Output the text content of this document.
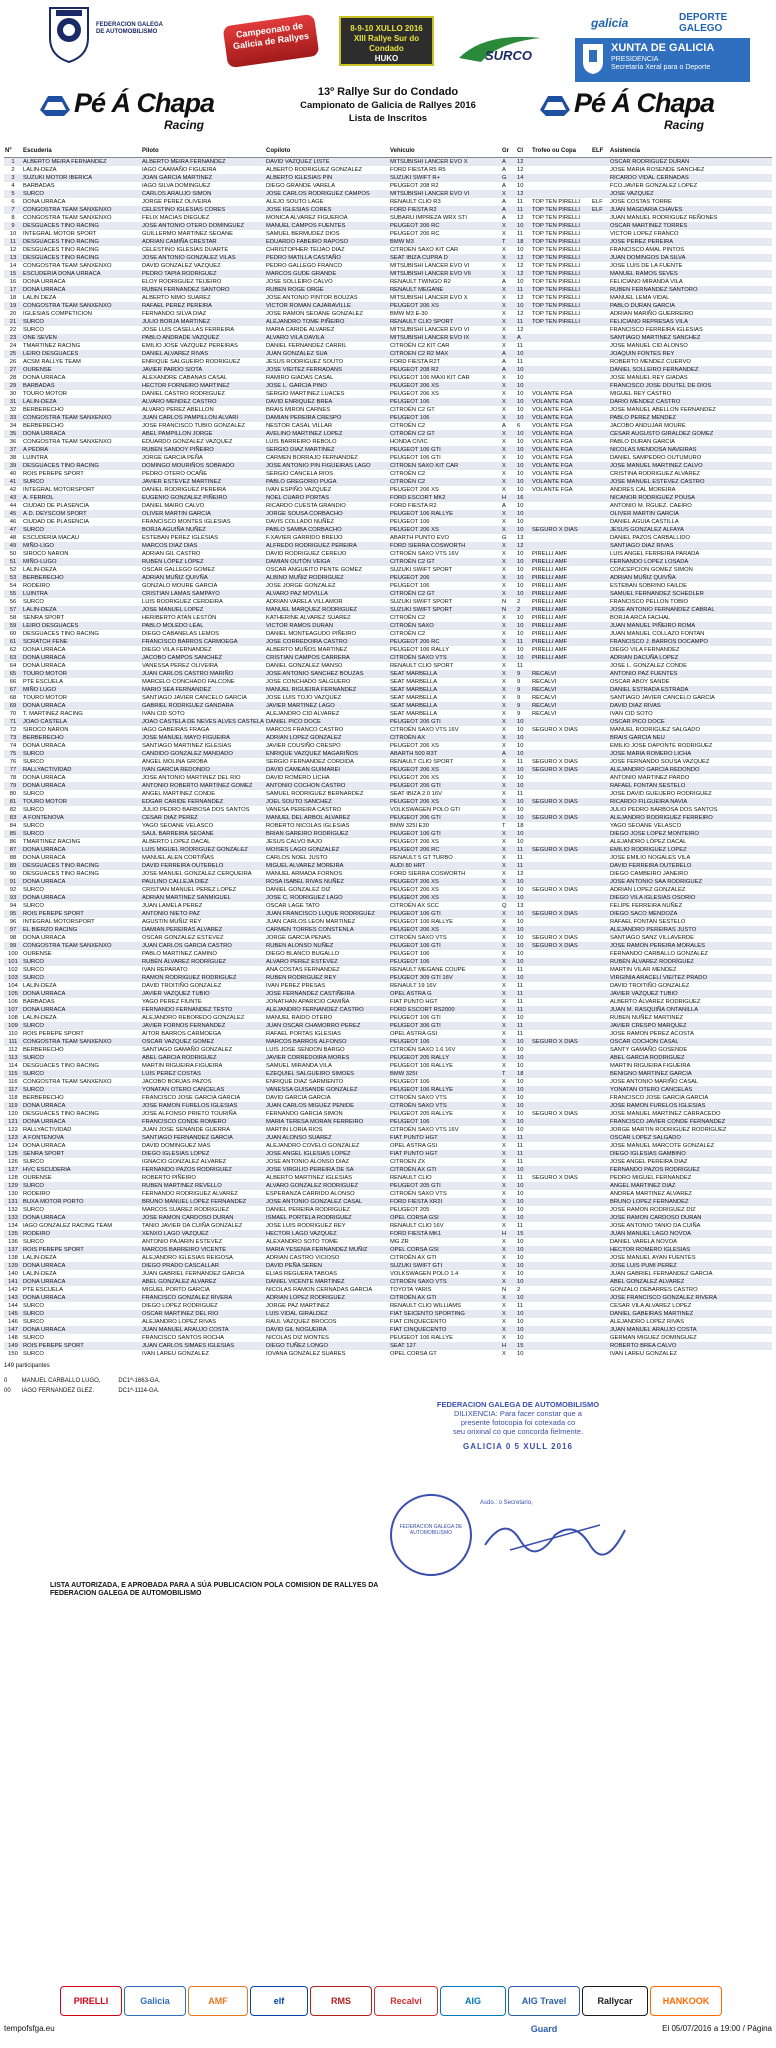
FEDERACION GALEGA DE AUTOMOBILISMO	Campeonato de Galicia de Rallyes
8-9-10 XULLO 2016
XIII Rallye Sur do Condado
HUKO	SURCO
galicia	DEPORTE GALEGO
XUNTA DE GALICIA
PRESIDENCIA
Secretaría Xeral para o Deporte
Pé Á Chapa
Racing
Pé Á Chapa
Racing
13º Rallye Sur do Condado
Campionato de Galicia de Rallyes 2016
Lista de Inscritos
Nº	Escudería	Piloto	Copiloto	Vehículo	Gr	Cl	Trofeo ou Copa	ELF	Asistencia
1	ALBERTO MEIRA FERNANDEZ	ALBERTO MEIRA FERNANDEZ	DAVID VAZQUEZ LISTE	MITSUBISHI LANCER EVO X	A	12			OSCAR RODRIGUEZ DURAN
2	LALIN-DEZA	IAGO CAAMAÑO FIGUEIRA	ALBERTO RODRIGUEZ GONZALEZ	FORD FIESTA R5 R5	A	12			JOSE MARIA ROSENDE SANCHEZ
3	SUZUKI MOTOR IBERICA	JOAN GARCIA MARTINEZ	ALBERTO IGLESIAS PIN	SUZUKI SWIFT R+	G	14			RICARDO VIDAL CERNADAS
4	BARBADAS	IAGO SILVA DOMINGUEZ	DIEGO GRANDE VARELA	PEUGEOT 208 R2	A	10			FCO.JAVIER GONZALEZ LOPEZ
5	SURCO	CARLOS ARAUJO SIMON	JOSE CARLOS RODRIGUEZ CAMPOS	MITSUBISHI LANCER EVO VI	X	12			JOSE VAZQUEZ
6	DONA URRACA	JORGE PEREZ OLIVEIRA	ALEJO SOUTO LAGE	RENAULT CLIO R3	A	11	TOP TEN PIRELLI	ELF	JOSE COSTAS TORRE
7	CONGOSTRA TEAM SANXENXO	CELESTINO IGLESIAS CORES	JOSE IGLESIAS CORES	FORD FIESTA R2	A	11	TOP TEN PIRELLI	ELF	JUAN MAGDARIA CHAVES
8	CONGOSTRA TEAM SANXENXO	FELIX MACIAS DIEGUEZ	MONICA ALVAREZ FIGUEROA	SUBARU IMPREZA WRX STI	A	12	TOP TEN PIRELLI		JUAN MANUEL RODRIGUEZ REÑONES
9	DESGUACES TINO RACING	JOSE ANTONIO OTERO DOMINGUEZ	MANUEL CAMPOS FUENTES	PEUGEOT 206 RC	X	10	TOP TEN PIRELLI		OSCAR MARTINEZ TORRES
10	INTEGRAL MOTOR SPORT	GUILLERMO MARTINEZ SEOANE	SAMUEL BERMUDEZ DIOS	PEUGEOT 206 RC	X	11	TOP TEN PIRELLI		VICTOR LOPEZ FRANCO
11	DESGUACES TINO RACING	ADRIAN CAMIÑA CRESTAR	EDUARDO FABEIRO RAPOSO	BMW M3	T	18	TOP TEN PIRELLI		JOSE PEREZ PEREIRA
12	DESGUACES TINO RACING	CELESTINO IGLESIAS DUARTE	CHRISTOPHER TEIJAO DIAZ	CITROEN SAXO KIT CAR	X	10	TOP TEN PIRELLI		FRANCISCO AMAL PINTOS
13	DESGUACES TINO RACING	JOSE ANTONIO GONZALEZ VILAS	PEDRO MATILLA CASTAÑO	SEAT IBIZA CUPRA D	X	12	TOP TEN PIRELLI		JUAN DOMINGOS DA SILVA
14	CONGOSTRA TEAM SANXENXO	DAVID GONZALEZ VAZQUEZ	PEDRO GALLEGO FRANCO	MITSUBISHI LANCER EVO VI	X	12	TOP TEN PIRELLI		JOSE LUIS DE LA FUENTE
15	ESCUDERIA DONA URRACA	PEDRO TAPIA RODRIGUEZ	MARCOS GUDE GRANDE	MITSUBISHI LANCER EVO VII	X	12	TOP TEN PIRELLI		MANUEL RAMOS SEVES
16	DONA URRACA	ELOY RODRIGUEZ TEIJEIRO	JOSE SOLLEIRO CALVO	RENAULT TWINGO R2	A	10	TOP TEN PIRELLI		FELICIANO MIRANDA VILA
17	DONA URRACA	RUBEN FERNANDEZ SANTORO	RUBEN ROGE ORGE	RENAULT MEGANE	X	11	TOP TEN PIRELLI		RUBEN FERNANDEZ SANTORO
18	LALIN DEZA	ALBERTO NIMO SUAREZ	JOSE ANTONIO PINTOR BOUZAS	MITSUBISHI LANCER EVO X	X	12	TOP TEN PIRELLI		MANUEL LEMA VIDAL
19	CONGOSTRA TEAM SANXENXO	RAFAEL PEREZ PEREIRA	VICTOR ROMAN CAJARAVILLE	PEUGEOT 206 XS	X	10	TOP TEN PIRELLI		PABLO DURAN GARCIA
20	IGLESIAS COMPETICION	FERNANDO SILVA DIAZ	JOSE RAMON SEOANE GONZALEZ	BMW M3 E-30	X	12	TOP TEN PIRELLI		ADRIAN MARIÑO GUERREIRO
21	SURCO	JULIO BORJA MARTINEZ	ALEJANDRO TOME PIÑEIRO	RENAULT CLIO SPORT	X	11	TOP TEN PIRELLI		FELICIANO REPRESAS VILA
22	SURCO	JOSE LUIS CASELLAS FERREIRA	MARIA CARIDE ALVAREZ	MITSUBISHI LANCER EVO VI	X	12			FRANCISCO FERREIRA IGLESIAS
23	ONE SEVEN	PABLO ANDRADE VAZQUEZ	ALVARO VILA DAVILA	MITSUBISHI LANCER EVO IX	X	A			SANTIAGO MARTINEZ SANCHEZ
24	TMARTINEZ RACING	EMILIO JOSE VAZQUEZ PEREIRAS	DANIEL FERNANDEZ CARRIL	CITROËN C2 KIT CAR	X	11			JOSE MANUEL CID ALONSO
25	LEIRO DESGUACES	DANIEL ALVAREZ RIVAS	JUAN GONZALEZ SUA	CITROEN C2 R2 MAX	A	10			JOAQUIN FONTES REY
26	ACSM RALLYE TEAM	ENRIQUE SALGUEIRO RODRIGUEZ	JESUS RODRIGUEZ SOUTO	FORD FIESTA R2T	A	11			ROBERTO MENDEZ CUERVO
27	OURENSE	JAVIER PARDO SIOTA	JOSE VIEITEZ FERRADANS	PEUGEOT 208 R2	A	10			DANIEL SOLLEIRO FERNANDEZ
28	DONA URRACA	ALEXANDRE CABANAS CASAL	RAMIRO GIADAS CASAL	PEUGEOT 106 MAXI KIT CAR	X	10			JOSE MANUEL REY GIADAS
29	BARBADAS	HECTOR FORNEIRO MARTINEZ	JOSE L. GARCIA PINO	PEUGEOT 206 XS	X	10			FRANCISCO JOSE DOUTEL DE DIOS
30	TOURO MOTOR	DANIEL CASTRO RODRIGUEZ	SERGIO MARTINEZ LUACES	PEUGEOT 206 XS	X	10	VOLANTE FGA		MIGUEL REY CASTRO
31	LALIN-DEZA	ALVARO MENDEZ CASTRO	DAVID ENRIQUEZ BREA	PEUGEOT 106	X	10	VOLANTE FGA		DARIO MENDEZ CASTRO
32	BERBERECHO	ALVARO PEREZ ABELLON	BRAIS MIRON CARNES	CITROËN C2 GT	X	10	VOLANTE FGA		JOSE MANUEL ABELLON FERNANDEZ
33	CONGOSTRA TEAM SANXENXO	JUAN CARLOS PAMPILLON ALVARI	DAMIAN PEREIRA CRESPO	PEUGEOT 106	X	10	VOLANTE FGA		PABLO PEREZ MENDEZ
34	BERBERECHO	JOSE FRANCISCO TUBIO GONZALEZ	NESTOR CASAL VILLAR	CITROËN C2	A	6	VOLANTE FGA		JACOBO ANDUJAR MOURE
35	DONA URRACA	ABEL PAMPILLON JORGE	AVELINO MARTINEZ LOPEZ	CITROËN C2 GT	X	10	VOLANTE FGA		CESAR AUGUSTO GIRALDEZ GOMEZ
36	CONGOSTRA TEAM SANXENXO	EDUARDO GONZALEZ VAZQUEZ	LUIS BARREIRO REBOLO	HONDA CIVIC	X	10	VOLANTE FGA		PABLO DURAN GARCIA
37	A PEDRA	RUBEN SANDOY PIÑEIRO	SERGIO DIAZ MARTINEZ	PEUGEOT 106 GTI	X	10	VOLANTE FGA		NICOLAS MENDOSA NAVEIRAS
38	LUINTRA	JORGE GARCIA PEÑA	CARMEN BORRAJO FERNANDEZ	PEUGEOT 106 GTI	X	10	VOLANTE FGA		DANIEL SAMPEDRO OUTUMURO
39	DESGUACES TINO RACING	DOMINGO MOURIÑOS SOBRADO	JOSE ANTONIO PIN FIGUEIRAS LAGO	CITROEN SAXO KIT CAR	X	10	VOLANTE FGA		JOSE MANUEL MARTINEZ CALVO
40	ROIS PEREPE SPORT	PEDRO OTERO OCAÑE	SERGIO CANCELA RIOS	CITROËN C2	X	10	VOLANTE FGA		CRISTINA RODRIGUEZ ALVAREZ
41	SURCO	JAVIER ESTEVEZ MARTINEZ	PABLO GREGORIO PUGA	CITROËN C2	X	10	VOLANTE FGA		JOSE MANUEL ESTEVEZ CASTRO
42	INTEGRAL MOTORSPORT	DANIEL RODRIGUEZ PEREIRA	IVAN ESPIÑO VAZQUEZ	PEUGEOT 206 XS	X	10	VOLANTE FGA		ANDRES CAL MOREIRA
43	A. FERROL	EUGENIO GONZALEZ PIÑEIRO	NOEL CUARO PORTAS	FORD ESCORT MK2	H	16			NICANOR RODRIGUEZ POUSA
44	CIUDAD DE PLASENCIA	DANIEL MAIRO CALVO	RICARDO CUESTA GRANDIO	FORD FIESTA R2	A	10			ANTONIO M. RGUEZ. CAEIRO
45	A.D. DEYSCOM SPORT	OLIVER MARTIN GARCIA	JORGE SOUSA CORBACHO	PEUGEOT 106 RALLYE	X	10			OLIVER MARTIN GARCIA
46	CIUDAD DE PLASENCIA	FRANCISCO MONTES IGLESIAS	DAVIS COLLADO NUÑEZ	PEUGEOT 106	X	10			DANIEL AGUIA CASTILLA
47	SURCO	BORJA AGUIÑA NUÑEZ	PABLO SAMBA CORBACHO	PEUGEOT 206 XS	X	10	SEGURO X DIAS		JESUS GONZALEZ ALFAYA
48	ESCUDERIA MACAU	ESTEBAN PEREZ IGLESIAS	F.XAVIER GARRIDO BREIJO	ABARTH PUNTO EVO	G	13			DANIEL PAZOS CARBALLIDO
49	MIÑO-LIGO	MARCOS DIAZ DIAS	ALFREDO RODRIGUEZ PEREIRA	FORD SIERRA COSWORTH	X	12			SANTIAGO DIAZ RIVAS
50	SIROCO NARON	ADRIAN GIL CASTRO	DAVID RODRIGUEZ CEREIJO	CITROËN SAXO VTS 16V	X	10	PIRELLI AMF		LUIS ANGEL FERREIRA PARADA
51	MIÑO-LUGO	RUBÉN LÓPEZ LÓPEZ	DAMIAN OUTÓN VEIGA	CITROËN C2 GT	X	10	PIRELLI AMF		FERNANDO LOPEZ LOSADA
52	LALIN-DEZA	OSCAR GALLEGO GOMEZ	OSCAR ANGUEITO PENTE GOMEZ	SUZUKI SWIFT SPORT	X	10	PIRELLI AMF		CONCEPCION GOMEZ SIMON
53	BERBERECHO	ADRIAN MUÑIZ QUIVÑA	ALBINO MUÑIZ RODRIGUEZ	PEUGEOT 206	X	10	PIRELLI AMF		ADRIAN MUÑIZ QUIVÑA
54	RODEIRO	GONZALO MOURE GARCIA	JOSE JORGE GONZALEZ	PEUGEOT 106	X	10	PIRELLI AMF		ESTEBAN SOBRINO FAILDE
55	LUINTRA	CRISTIAN LAMAS SAMPAYO	ALVARO PAZ MOVILLA	CITROËN C2 GT	X	10	PIRELLI AMF		SAMUEL FERNANDEZ SCHEDLER
56	SURCO	LUIS RODRIGUEZ CERDEIRA	ADRIAN VARELA VILLAMOR	SUZUKI SWIFT SPORT	N	2	PIRELLI AMF		FRANCISCO PELLON TOBIO
57	LALIN-DEZA	JOSE MANUEL LOPEZ	MANUEL MARQUEZ RODRIGUEZ	SUZUKI SWIFT SPORT	N	2	PIRELLI AMF		JOSE ANTONIO FERNANDEZ CABRAL
58	SENRA SPORT	HERIBERTO ATAN LESTÓN	KATHERINE ALVAREZ SUAREZ	CITROËN C2	X	10	PIRELLI AMF		BORJA ARCA FACHAL
59	LEIRO DESGUACES	PABLO MOLEDO LEAL	VICTOR RAMOS DURAN	CITROËN SAXO	X	10	PIRELLI AMF		JUAN MANUEL PIÑEIRO ROMA
60	DESGUACES TINO RACING	DIEGO CABANELAS LEMOS	DANIEL MONTEAGUDO PIÑEIRO	CITROËN C2	X	10	PIRELLI AMF		JUAN MANUEL COLLAZO FONTAN
61	SCRATCH FENE	FRANCISCO BARROS CARMOEGA	JOSE CORREDOIRA CASTRO	PEUGEOT 206 RC	X	11	PIRELLI AMF		FRANCISCO J. BARROS DOCAMPO
62	DONA URRACA	DIEGO VILA FERNANDEZ	ALBERTO MUÑOS MARTINEZ	PEUGEOT 106 RALLY	X	10	PIRELLI AMF		DIEGO VILA FERNANDEZ
63	DONA URRACA	JACOBO CAMPOS SANCHEZ	CRISTIAN CAMPOS CARRERA	CITROËN SAXO VTS	X	10	PIRELLI AMF		ADRIAN DACUÑA LOPEZ
64	DONA URRACA	VANESSA PEREZ OLIVEIRA	DANIEL GONZALEZ MANSO	RENAULT CLIO SPORT	X	11			JOSE L. GONZALEZ CONDE
65	TOURO MOTOR	JUAN CARLOS CASTRO MARIÑO	JOSE ANTONIO SANCHEZ BOUZAS	SEAT MARBELLA	X	9	RECALVI		ANTONIO PAZ FUENTES
66	PTE ESCUELA	MARCELO CONCHADO FALCONE	JOSE CONCHADO SALGUERO	SEAT MARBELLA	X	9	RECALVI		OSCAR ABOY SANDE
67	MIÑO LUGO	MARIO SEA FERNANDEZ	MANUEL RIGUEIRA FERNANDEZ	SEAT MARBELLA	X	9	RECALVI		DANIEL ESTRADA ESTRADA
68	TOURO MOTOR	SANTIAGO JAVIER CANCELO GARCIA	JOSE LUIS TOJO VAZQUEZ	SEAT MARBELLA	X	9	RECALVI		SANTIAGO JAVIER CANCELO GARCIA
69	DONA URRACA	GABRIEL RODRIGUEZ GANDARA	JAVIER MARTINEZ LAGO	SEAT MARBELLA	X	9	RECALVI		DAVID DIAZ RIVAS
70	T. MARTINEZ RACING	IVAN CID SOTO	ALEJANDRO CID ALVAREZ	SEAT MARBELLA	X	9	RECALVI		IVAN CID SOTO
71	JOAO CASTELA	JOAO CASTELA DE NEVES ALVES CASTELA	DANIEL PICO DOCE	PEUGEOT 206 GTI	X	10			OSCAR PICO DOCE
72	SIROCO NARON	IAGO GABEIRAS FRAGA	MARCOS FRANCO CASTRO	CITROËN SAXO VTS 16V	X	10	SEGURO X DIAS		MANUEL RODRIGUEZ SALGADO
73	BERBERECHO	JOSE MANUEL MAYO FIGUEIRA	ADRIAN LOPEZ GONZALEZ	CITROËN AX	X	10			BRAIS GARCIA NEU
74	DONA URRACA	SANTIAGO MARTINEZ IGLESIAS	JAVIER COUSIÑO CRESPO	PEUGEOT 206 XS	X	10			EMILIO JOSE DAPONTE RODRIGUEZ
75	SURCO	CANDIDO GONZALEZ MANDADO	ENRIQUE VAZQUEZ MAGARIÑOS	ABARTH 500 R3T	A	10			JOSE MARIA ROMERO LICHA
76	SURCO	ANGEL MOLINA GROBA	SERGIO FERNANDEZ CORDIDA	RENAULT CLIO SPORT	X	11	SEGURO X DIAS		JOSE FERNANDO SOUSA VAZQUEZ
77	RALLYACTIVIDAD	IVAN GARCIA REDONDO	DAVID CAMEAN GUIMAREI	PEUGEOT 206 XS	X	10	SEGURO X DIAS		ALEJANDRO GARCIA REDONDO
78	DONA URRACA	JOSE ANTONIO MARTINEZ DEL RIO	DAVID ROMERO LICHA	PEUGEOT 206 XS	X	10			ANTONIO MARTINEZ PARDO
79	DONA URRACA	ANTONIO ROBERTO MARTINEZ GOMEZ	ANTONIO COCHON CASTRO	PEUGEOT 206 GTI	X	10			RAFAEL FONTAN SESTELO
80	SURCO	ANGEL MARTINEZ CONDE	SAMUEL RODRIGUEZ BERNARDEZ	SEAT IBIZA 2.0 16V	X	11			JOSE DAVID GUEIJERO RODRIGUEZ
81	TOURO MOTOR	EDGAR CARIDE FERNANDEZ	JOEL SOUTO SANCHEZ	PEUGEOT 206 XS	X	10	SEGURO X DIAS		RICARDO FILGUEIRA NAVIA
82	SURCO	JULIO PEDRO BARBOSA DOS SANTOS	VANESA PEREIRA CASTRO	VOLKSWAGEN POLO GTI	X	10			JULIO PEDRO BARBOSA DOS SANTOS
83	A FONTENOVA	CESAR DIAZ PEREZ	MANUEL DEL ARBOL ALVAREZ	PEUGEOT 206 GTI	X	10	SEGURO X DIAS		ALEJANDRO RODRIGUEZ FERREIRO
84	SURCO	YAGO SEOANE VELASCO	ROBERTO NICOLAS IGLESIAS	BMW 325I E30	T	18			YAGO SEOANE VELASCO
85	SURCO	SAUL BARREIRA SEOANE	BRIAN GAREIRO RODRIGUEZ	PEUGEOT 106 GTI	X	10			DIEGO JOSE LOPEZ MONTEIRO
86	TMARTINEZ RACING	ALBERTO LOPEZ DACAL	JESUS CALVO BAJO	PEUGEOT 206 XS	X	10			ALEJANDRO LÓPEZ DACAL
87	DONA URRACA	LUIS MIGUEL RODRIGUEZ GONZALEZ	MOISES LAGO GONZALEZ	PEUGEOT 206 RC	X	11	SEGURO X DIAS		EMILIO RODRIGUEZ LOPEZ
88	DONA URRACA	MANUEL ALEN CORTIÑAS	CARLOS NOEL JUSTO	RENAULT 5 GT TURBO	X	11			JOSE EMILIO NOGALES VILA
89	DESGUACES TINO RACING	DAVID FERREIRA OUTERELO	MIGUEL ALVAREZ MOREIRA	AUDI 80 HRT	X	11			DAVID FERREIRA OUTERELO
90	DESGUACES TINO RACING	JOSE MANUEL GONZALEZ CERQUEIRA	MANUEL ARMADA FORNOS	FORD SIERRA COSWORTH	X	12			DIEGO CAMBEIRO JANEIRO
91	DONA URRACA	PAULINO CALLEJA DIEZ	ROSA ISABEL RIVAS NUÑEZ	PEUGEOT 206 XS	X	10			JOSE ANTONIO SAA RODRIGUEZ
92	SURCO	CRISTIAN MANUEL PEREZ LOPEZ	DANIEL GONZALEZ DIZ	PEUGEOT 206 XS	X	10	SEGURO X DIAS		ADRIAN LOPEZ GONZALEZ
93	DONA URRACA	ADRIAN MARTINEZ SANMIGUEL	JOSE C. RODRIGUEZ LAGO	PEUGEOT 206 XS	X	10			DIEGO VILA IGLESIAS OSORIO
94	SURCO	JUAN LAMELA PEREZ	OSCAR LAGE TATO	CITROËN AX SCC	Q	13			FELIPE FERREIRA NUÑEZ
95	ROIS PEREPE SPORT	ANTONIO NIETO PAZ	JUAN FRANCISCO LUQUE RODRIGUEZ	PEUGEOT 106 GTI	X	10	SEGURO X DIAS		DIEGO SACO MENDOZA
96	INTEGRAL MOTORSPORT	AGUSTIN MUÑIZ REY	JUAN CARLOS LEON MARTINEZ	PEUGEOT 106 RALLYE	X	10			RAFAEL FONTAN SESTELO
97	EL BIERZO RACING	DAMIAN PEREIRAS ALVAREZ	CARMEN TORRES CONSTENLA	PEUGEOT 206 XS	X	10			ALEJANDRO PEREIRAS JUSTO
98	DONA URRACA	OSCAR GONZALEZ ESTEVEZ	JORGE GARCIA PENAS	CITROËN SAXO VTS	X	10	SEGURO X DIAS		SANTIAGO SANZ VILLAVERDE
99	CONGOSTRA TEAM SANXENXO	JUAN CARLOS GARCIA CASTRO	RUBEN ALONSO NUÑEZ	PEUGEOT 106 GTI	X	10	SEGURO X DIAS		JOSE RAMON PEREIRA MORALES
100	OURENSE	PABLO MARTINEZ CAMINO	DIEGO BLANCO BUGALLO	PEUGEOT 106	X	10			FERNANDO CARBALLO GONZALEZ
101	SURCO	RUBÉN ÁLVAREZ RODRÍGUEZ	ALVARO PEREZ ESTEVEZ	PEUGEOT 106	X	10			RUBÉN ÁLVAREZ RODRÍGUEZ
102	SURCO	IVAN REPARATO	ANA COSTAS FERNANDEZ	RENAULT MEGANE COUPE	X	11			MARTIN VILAR MENDEZ
103	SURCO	RAMON RODRIGUEZ RODRIGUEZ	RUBEN RODRIGUEZ REY	PEUGEOT 309 GTI 16V	X	10			VIRGINIA ARACELI VIEITEZ PRADO
104	LALIN-DEZA	DAVID TROITIÑO GONZALEZ	IVAN PEREZ PRESAS	RENAULT 19 16V	X	11			DAVID TROITIÑO GONZALEZ
105	DONA URRACA	JAVIER VAZQUEZ TUBIO	JOSE FERNANDEZ CASTIÑEIRA	OPEL ASTRA G	X	11			JAVIER VAZQUEZ TUBIO
106	BARBADAS	YAGO PEREZ FIUNTE	JONATHAN APARICIO CAMIÑA	FIAT PUNTO HGT	X	11			ALBERTO ÁLVAREZ RODRIGUEZ
107	DONA URRACA	FERNANDO FERNANDEZ TESTO	ALEJANDRO FERNANDEZ CASTRO	FORD ESCORT RS2000	X	11			JUAN M. RASQUIÑA ONTANILLA
108	LALIN-DEZA	ALEJANDRO REBOREDO GONZALEZ	MANUEL RAIDO OTERO	PEUGEOT 106 GTI	X	10			RUBEN NUÑEZ MARTINEZ
109	SURCO	JAVIER FORNOS FERNANDEZ	JUAN OSCAR CHAMORRO PEREZ	PEUGEOT 306 GTI	X	11			JAVIER CRESPO MARQUEZ
110	ROIS PEREPE SPORT	AITOR BARROS CARMOEGA	RAFAEL PORTAS IGLESIAS	OPEL ASTRA GSI	X	11			JOSE RAMON PEREZ ACOSTA
111	CONGOSTRA TEAM SANXENXO	OSCAR VAZQUEZ GOMEZ	MARCOS BARROS ALFONSO	PEUGEOT 106	X	10	SEGURO X DIAS		OSCAR COCHON CASAL
112	BERBERECHO	SANTIAGO GAMAÑO GONZALEZ	LUIS JOSE SENDON BARGO	CITROËN SAXO 1.6 16V	X	10			SANTY GAMAÑO GOSENDE
113	SURCO	ABEL GARCIA RODRIGUEZ	JAVIER CORREDOIRA MORES	PEUGEOT 205 RALLY	X	10			ABEL GARCIA RODRIGUEZ
114	DESGUACES TINO RACING	MARTIN RIGUEIRA FIGUEIRA	SAMUEL MIRANDA VILA	PEUGEOT 106 RALLYE	X	10			MARTIN RIGUEIRA FIGUEIRA
115	SURCO	LUIS PEREZ COSTAS	EZEQUIEL SALGUEIRO SIMOES	BMW 325I	T	18			BENIGNO MARTINEZ GARCIA
116	CONGOSTRA TEAM SANXENXO	JACOBO BORJAS PAZOS	ENRIQUE DIAZ SARMIENTO	PEUGEOT 106	X	10			JOSE ANTONIO MARIÑO CASAL
117	SURCO	YONATAN OTERO CANCELAS	VANESSA GUISANDE GONZALEZ	PEUGEOT 106 RALLYE	X	10			YONATAN OTERO CANCELAS
118	BERBERECHO	FRANCISCO JOSE GARCIA GARCIA	DAVID GARCIA GARCIA	CITROËN SAXO VTS	X	10			FRANCISCO JOSE GARCIA GARCIA
119	DONA URRACA	JOSE RAMON FURELOS IGLESIAS	JUAN CARLOS MIGUEZ PENIDE	CITROËN SAXO VTS	X	10			JOSE RAMON FURELOS IGLESIAS
120	DESGUACES TINO RACING	JOSE ALFONSO PRIETO TOURIÑA	FERNANDO GARCIA SIMON	PEUGEOT 205 RALLYE	X	10	SEGURO X DIAS		JOSE MANUEL MARTINEZ CARRACEDO
121	DONA URRACA	FRANCISCO CONDE ROMERO	MARIA TERESA MORAN FERREIRO	PEUGEOT 106	X	10			FRANCISCO JAVIER CONDE FERNANDEZ
122	RALLYACTIVIDAD	JUAN JOSE SENANDE GUERRA	MARTIN LORIA RIOS	CITROËN SAXO VTS 16V	X	10			JORGE MARTIN RODRIGUEZ RODRIGUEZ
123	A FONTENOVA	SANTIAGO FERNANDEZ GARCIA	JUAN ALONSO SUAREZ	FIAT PUNTO HGT	X	11			OSCAR LOPEZ SALGADO
124	DONA URRACA	DAVID DOMINGUEZ MAS	ALEJANDRO COVELO GONZALEZ	OPEL ASTRA GSI	X	11			JOSE MANUEL MARCOTE GONZALEZ
125	SENRA SPORT	DIEGO IGLESIAS LOPEZ	JOSE ANGEL IGLESIAS LOPEZ	FIAT PUNTO HGT	X	11			DIEGO IGLESIAS GAMBINO
126	SURCO	IGNACIO GONZALEZ ALVAREZ	JOSE ANTONIO ALONSO DIAZ	CITROEN ZX	X	11			JOSE ANGEL PEREIRA DIAZ
127	HVC ESCUDERIA	FERNANDO PAZOS RODRIGUEZ	JOSE VIRGILIO PEREIRA DE SA	CITROËN AX GTI	X	10			FERNANDO PAZOS RODRIGUEZ
128	OURENSE	ROBERTO PIÑEIRO	ALBERTO MARTINEZ IGLESIAS	RENAULT CLIO	X	11	SEGURO X DIAS		PEDRO MIGUEL FERNANDEZ
129	SURCO	RUBEN MARTINEZ REVELLO	ALVARO GONZALEZ RODRIGUEZ	PEUGEOT 205 GTI	X	10			ANGEL MARTINEZ DIAZ
130	RODEIRO	FERNANDO RODRIGUEZ ALVAREZ	ESPERANZA CARRIDO ALONSO	CITROËN SAXO VTS	X	10			ANDREA MARTINEZ ALVAREZ
131	BUXA MOTOR PORTO	BRUNO MANUEL LOPEZ FERNANDEZ	JOSE ANTONIO GONZALEZ CASAL	FORD FIESTA XR2I	X	10			BRUNO LOPEZ FERNANDEZ
132	SURCO	MARCOS SUAREZ RODRIGUEZ	DANIEL PEREIRA RODRIGUEZ	PEUGEOT 205	X	10			JOSE RAMON RODRIGUEZ DIZ
133	DONA URRACA	JOSE RAMON CARDOSO DURAN	ISMAEL PORTELA RODRIGUEZ	OPEL CORSA GSI	X	10			JOSE RAMON CARDOSO DURAN
134	IAGO GONZALEZ RACING TEAM	TANIO JAVIER DA CUIÑA GONZALEZ	JOSE LUIS RODRIGUEZ REY	RENAULT CLIO 16V	X	11			JOSE ANTONIO TANIO DA CUIÑA
135	RODEIRO	XENXO LAGO VAZQUEZ	HECTOR LAGO VAZQUEZ	FORD FIESTA MK1	H	15			JUAN MANUEL LAGO NOVOA
136	SURCO	ANTONIO PAJARIN ESTEVEZ	ALEXANDRO SOTO TOME	MG ZR	X	10			DANIEL VARELA NOVOA
137	ROIS PEREPE SPORT	MARCOS BARREIRO VICENTE	MARIA YESENIA FERNANDEZ MUÑIZ	OPEL CORSA GSI	X	10			HECTOR ROMERO IGLESIAS
138	LALIN-DEZA	ALEJANDRO IGLESIAS REIGOSA	ADRIAN CASTRO VICIOSO	CITROËN AX GTI	X	10			JOSE MANUEL AYAN FUENTES
139	DONA URRACA	DIEGO PRADO CASCALLAR	DAVID PEÑA SEREN	SUZUKI SWIFT GTI	X	10			JOSE LUIS PUMI PEREZ
140	LALIN-DEZA	JUAN GABRIEL FERNANDEZ GARCIA	ELIAS REGUERA TABOAS	VOLKSWAGEN POLO 1.4	X	10			JUAN GABRIEL FERNANDEZ GARCIA
141	DONA URRACA	ABEL GONZALEZ ALVAREZ	DANIEL VICENTE MARTINEZ	CITROËN SAXO VTS	X	10			ABEL GONZALEZ ALVAREZ
142	PTE ESCUELA	MIGUEL PORTO GARCIA	NICOLAS RAMON CERNADAS GARCIA	TOYOTA YARIS	N	2			GONZALO DEBARRES CASTRO
143	DONA URRACA	FRANCISCO GONZALEZ RIVERA	ADRIAN LOPEZ RODRIGUEZ	CITROËN AX GTI	X	10			JOSE FRANCISCO GONZALEZ RIVERA
144	SURCO	DIEGO LOPEZ RODRIGUEZ	JORGE PAZ MARTINEZ	RENAULT CLIO WILLIAMS	X	11			CESAR VILA ALVAREZ LOPEZ
145	SURCO	OSCAR MARTINEZ DEL RIO	LUIS VIDAL GIRALDEZ	FIAT SEICENTO SPORTING	X	10			DANIEL GABEIRAS MARTINEZ
146	SURCO	ALEJANDRO LOPEZ RIVAS	RAUL VAZQUEZ BROCOS	FIAT CINQUECENTO	X	10			ALEJANDRO LOPEZ RIVAS
147	DONA URRACA	JUAN MANUEL ARAUJO COSTA	DAVID GIL NOGUEIRA	FIAT CINQUECENTO	X	10			JUAN MANUEL ARAUJO COSTA
148	SURCO	FRANCISCO SANTOS ROCHA	NICOLAS DIZ MONTES	PEUGEOT 106 RALLYE	X	10			GERMAN MIGUEZ DOMINGUEZ
149	ROIS PEREPE SPORT	JUAN CARLOS SIMAES IGLESIAS	DIEGO TUÑEZ LONGO	SEAT 127	H	15			ROBERTO BREA CALVO
150	SURCO	IVAN LAREU GONZALEZ	IOVANA GONZALEZ SUARES	OPEL CORSA GT	X	10			IVAN LAREU GONZALEZ
149 participantes
0 MANUEL CARBALLO LUGO,	DC1ª-1663-GA.
00 IAGO FERNANDEZ GLEZ.	DC1ª-1114-GA.
FEDERACION GALEGA DE AUTOMOBILISMO
DILIXENCIA: Para facer constar que a
presente fotocopia foi cotexada co
seu orixinal co que concorda fielmente.
GALICIA 0 5 XULL 2016
FEDERACION GALEGA DE AUTOMOBILISMO
Asdo.: o Secretario,
LISTA AUTORIZADA, E APROBADA PARA A SÚA PUBLICACION POLA COMISION DE RALLYES DA FEDERACION GALEGA DE AUTOMOBILISMO
PIRELLI	Galicia	AMF	elf	RMS	Recalvi	AIG	AIG Travel Guard
Rallycar	HANKOOK
tempofsfga.eu	El 05/07/2016 a 19:00 / Página
